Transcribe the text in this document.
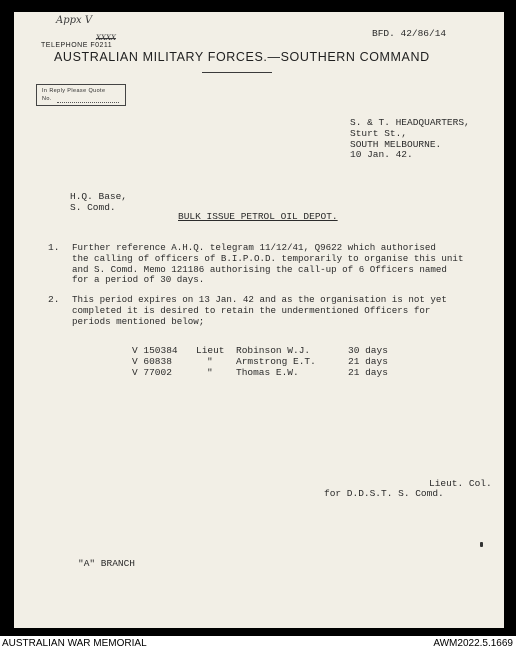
Appx V
XXXX
TELEPHONE F0211
BFD. 42/86/14
AUSTRALIAN MILITARY FORCES.—SOUTHERN COMMAND
In Reply Please Quote
No.
S. & T. HEADQUARTERS,
Sturt St.,
SOUTH MELBOURNE.
10 Jan. 42.
H.Q. Base,
S. Comd.
BULK ISSUE PETROL OIL DEPOT.
1. Further reference A.H.Q. telegram 11/12/41, Q9622 which authorised
the calling of officers of B.I.P.O.D. temporarily to organise this unit
and S. Comd. Memo 121186 authorising the call-up of 6 Officers named
for a period of 30 days.
2. This period expires on 13 Jan. 42 and as the organisation is not yet
completed it is desired to retain the undermentioned Officers for
periods mentioned below;
V 150384 Lieut Robinson W.J.	30 days
V 60838	" Armstrong E.T.	21 days
V 77002	" Thomas E.W.	21 days
Lieut. Col.
for D.D.S.T. S. Comd.
"A" BRANCH
AUSTRALIAN WAR MEMORIAL	AWM2022.5.1669
